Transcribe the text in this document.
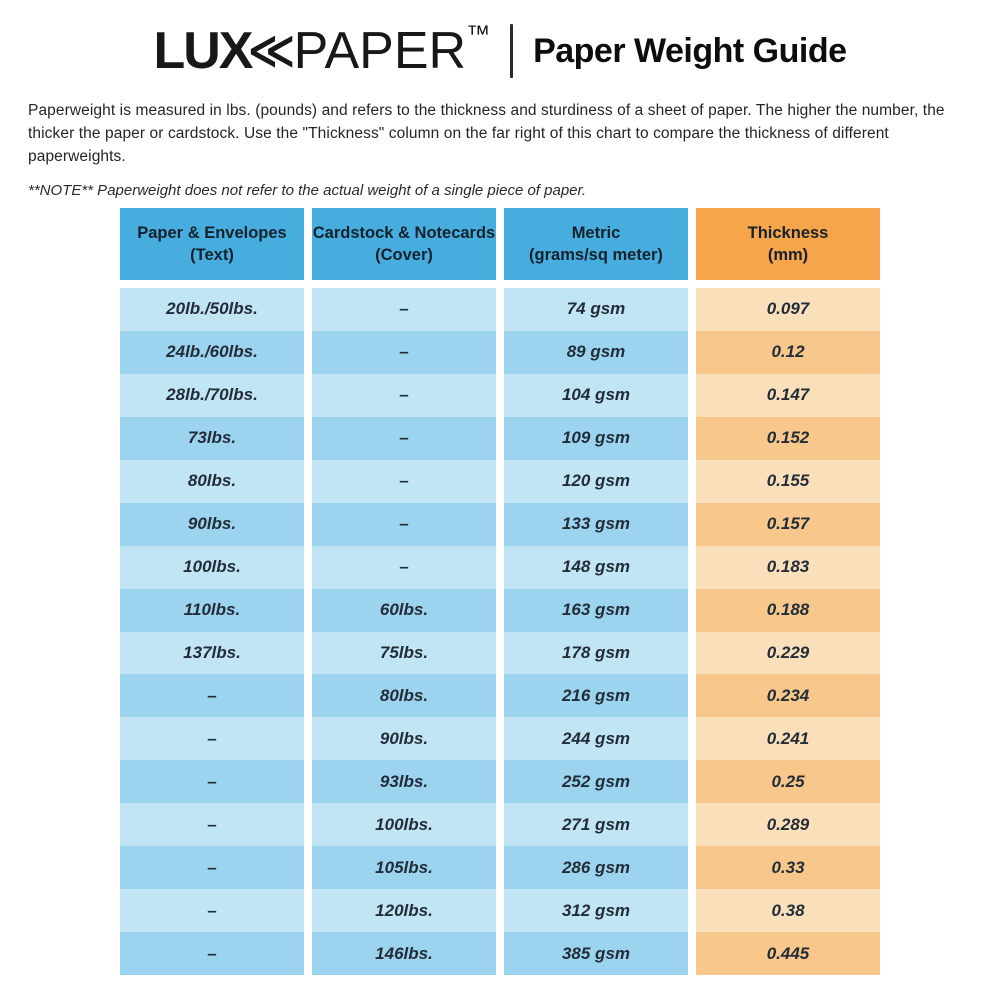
LUX
≪ PAPER ™ Paper Weight Guide

Paperweight is measured in lbs. (pounds) and refers to the thickness and sturdiness of a sheet of paper. The higher the number, the thicker the paper or cardstock. Use the "Thickness" column on the far right of this chart to compare the thickness of different paperweights.

**NOTE** Paperweight does not refer to the actual weight of a single piece of paper.

Paper & Envelopes
(Text)
Cardstock & Notecards
(Cover)
Metric
(grams/sq meter)
Thickness
(mm)
20lb./50lbs.	–	74 gsm	0.097
24lb./60lbs.	–	89 gsm	0.12
28lb./70lbs.	–	104 gsm	0.147
73lbs.	–	109 gsm	0.152
80lbs.	–	120 gsm	0.155
90lbs.	–	133 gsm	0.157
100lbs.	–	148 gsm	0.183
110lbs.	60lbs.	163 gsm	0.188
137lbs.	75lbs.	178 gsm	0.229
–	80lbs.	216 gsm	0.234
–	90lbs.	244 gsm	0.241
–	93lbs.	252 gsm	0.25
–	100lbs.	271 gsm	0.289
–	105lbs.	286 gsm	0.33
–	120lbs.	312 gsm	0.38
–	146lbs.	385 gsm	0.445
